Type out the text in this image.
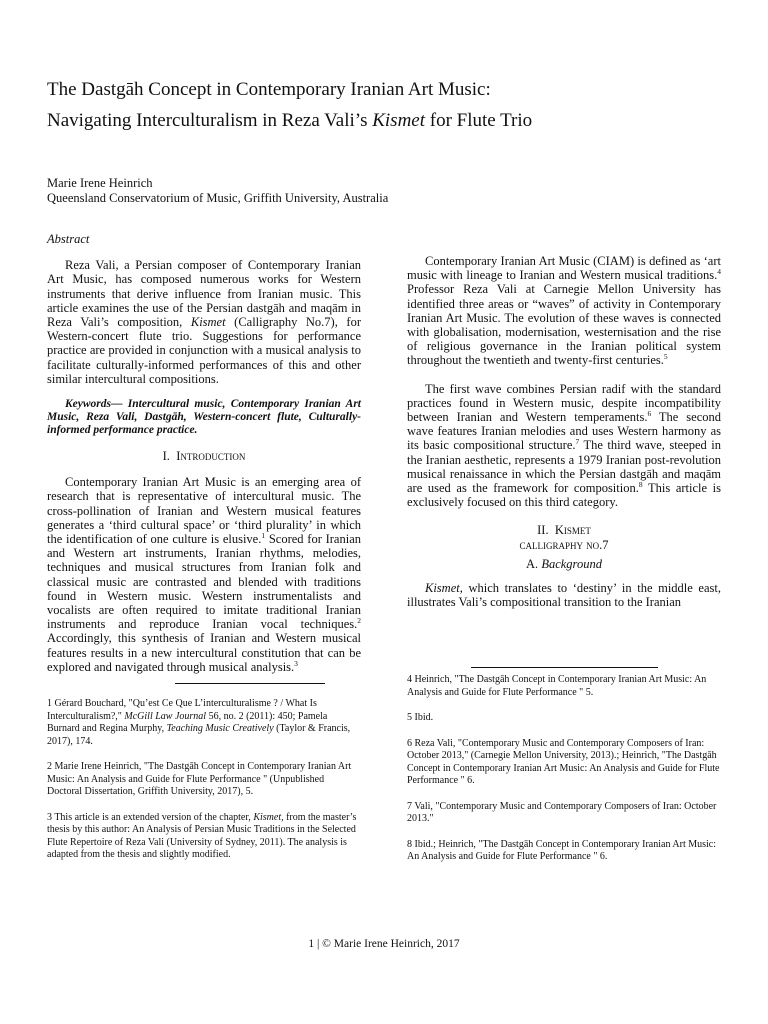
The Dastgāh Concept in Contemporary Iranian Art Music:
Navigating Interculturalism in Reza Vali’s Kismet for Flute Trio
Marie Irene Heinrich
Queensland Conservatorium of Music, Griffith University, Australia

Abstract

Reza Vali, a Persian composer of Contemporary Iranian Art Music, has composed numerous works for Western instruments that derive influence from Iranian music. This article examines the use of the Persian dastgāh and maqām in Reza Vali’s composition, Kismet (Calligraphy No.7), for Western-concert flute trio. Suggestions for performance practice are provided in conjunction with a musical analysis to facilitate culturally-informed performances of this and other similar intercultural compositions.

Keywords— Intercultural music, Contemporary Iranian Art Music, Reza Vali, Dastgāh, Western-concert flute, Culturally-informed performance practice.

I. Introduction

Contemporary Iranian Art Music is an emerging area of research that is representative of intercultural music. The cross-pollination of Iranian and Western musical features generates a ‘third cultural space’ or ‘third plurality’ in which the identification of one culture is elusive.$^1$ Scored for Iranian and Western art instruments, Iranian rhythms, melodies, techniques and musical structures from Iranian folk and classical music are contrasted and blended with traditions found in Western music. Western instrumentalists and vocalists are often required to imitate traditional Iranian instruments and reproduce Iranian vocal techniques.$^2$ Accordingly, this synthesis of Iranian and Western musical features results in a new intercultural constitution that can be explored and navigated through musical analysis.$^3$

Contemporary Iranian Art Music (CIAM) is defined as ‘art music with lineage to Iranian and Western musical traditions.$^4$ Professor Reza Vali at Carnegie Mellon University has identified three areas or “waves” of activity in Contemporary Iranian Art Music. The evolution of these waves is connected with globalisation, modernisation, westernisation and the rise of religious governance in the Iranian political system throughout the twentieth and twenty-first centuries.$^5$

The first wave combines Persian radif with the standard practices found in Western music, despite incompatibility between Iranian and Western temperaments.$^6$ The second wave features Iranian melodies and uses Western harmony as its basic compositional structure.$^7$ The third wave, steeped in the Iranian aesthetic, represents a 1979 Iranian post-revolution musical renaissance in which the Persian dastgāh and maqām are used as the framework for composition.$^8$ This article is exclusively focused on this third category.

II. Kismet

calligraphy no.7

A. Background

Kismet, which translates to ‘destiny’ in the middle east, illustrates Vali’s compositional transition to the Iranian

1 Gérard Bouchard, "Qu’est Ce Que L’interculturalisme ? / What Is Interculturalism?," McGill Law Journal 56, no. 2 (2011): 450; Pamela Burnard and Regina Murphy, Teaching Music Creatively (Taylor & Francis, 2017), 174.

2 Marie Irene Heinrich, "The Dastgāh Concept in Contemporary Iranian Art Music: An Analysis and Guide for Flute Performance " (Unpublished Doctoral Dissertation, Griffith University, 2017), 5.

3 This article is an extended version of the chapter, Kismet, from the master’s thesis by this author: An Analysis of Persian Music Traditions in the Selected Flute Repertoire of Reza Vali (University of Sydney, 2011). The analysis is adapted from the thesis and slightly modified.

4 Heinrich, "The Dastgāh Concept in Contemporary Iranian Art Music: An Analysis and Guide for Flute Performance " 5.

5 Ibid.

6 Reza Vali, "Contemporary Music and Contemporary Composers of Iran: October 2013," (Carnegie Mellon University, 2013).; Heinrich, "The Dastgāh Concept in Contemporary Iranian Art Music: An Analysis and Guide for Flute Performance " 6.

7 Vali, "Contemporary Music and Contemporary Composers of Iran: October 2013."

8 Ibid.; Heinrich, "The Dastgāh Concept in Contemporary Iranian Art Music: An Analysis and Guide for Flute Performance " 6.

1 | © Marie Irene Heinrich, 2017
